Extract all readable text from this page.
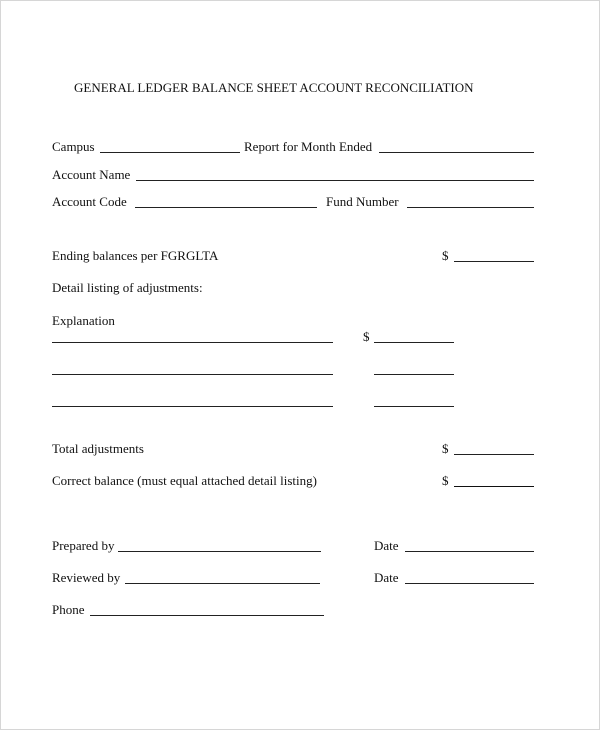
GENERAL LEDGER BALANCE SHEET ACCOUNT RECONCILIATION
Campus	Report for Month Ended
Account Name
Account Code	Fund Number
Ending balances per FGRGLTA	$
Detail listing of adjustments:
Explanation
$
Total adjustments	$
Correct balance (must equal attached detail listing)	$
Prepared by	Date
Reviewed by	Date
Phone
